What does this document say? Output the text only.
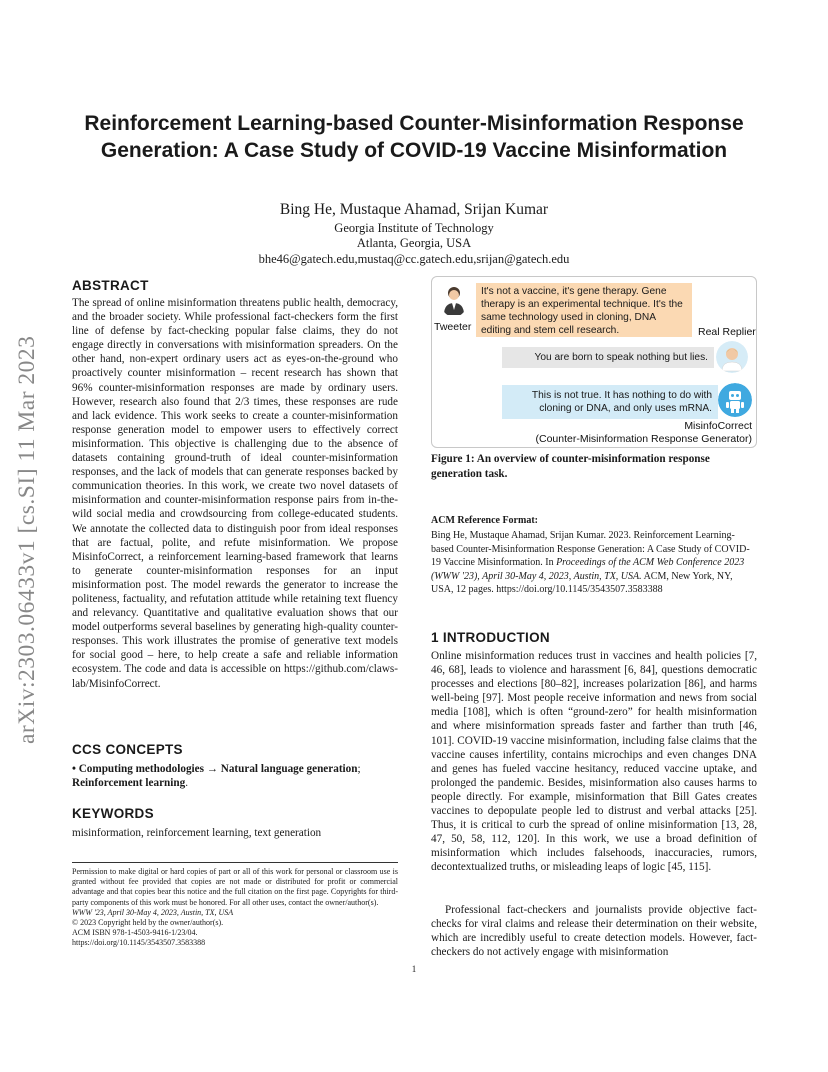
arXiv:2303.06433v1 [cs.SI] 11 Mar 2023
Reinforcement Learning-based Counter-Misinformation Response Generation: A Case Study of COVID-19 Vaccine Misinformation
Bing He, Mustaque Ahamad, Srijan Kumar
Georgia Institute of Technology
Atlanta, Georgia, USA
bhe46@gatech.edu,mustaq@cc.gatech.edu,srijan@gatech.edu
ABSTRACT

The spread of online misinformation threatens public health, democracy, and the broader society. While professional fact-checkers form the first line of defense by fact-checking popular false claims, they do not engage directly in conversations with misinformation spreaders. On the other hand, non-expert ordinary users act as eyes-on-the-ground who proactively counter misinformation – recent research has shown that 96% counter-misinformation responses are made by ordinary users. However, research also found that 2/3 times, these responses are rude and lack evidence. This work seeks to create a counter-misinformation response generation model to empower users to effectively correct misinformation. This objective is challenging due to the absence of datasets containing ground-truth of ideal counter-misinformation responses, and the lack of models that can generate responses backed by communication theories. In this work, we create two novel datasets of misinformation and counter-misinformation response pairs from in-the-wild social media and crowdsourcing from college-educated students. We annotate the collected data to distinguish poor from ideal responses that are factual, polite, and refute misinformation. We propose MisinfoCorrect, a reinforcement learning-based framework that learns to generate counter-misinformation responses for an input misinformation post. The model rewards the generator to increase the politeness, factuality, and refutation attitude while retaining text fluency and relevancy. Quantitative and qualitative evaluation shows that our model outperforms several baselines by generating high-quality counter-responses. This work illustrates the promise of generative text models for social good – here, to help create a safe and reliable information ecosystem. The code and data is accessible on https://github.com/claws-lab/MisinfoCorrect.

CCS CONCEPTS

• Computing methodologies → Natural language generation; Reinforcement learning.

KEYWORDS

misinformation, reinforcement learning, text generation

Permission to make digital or hard copies of part or all of this work for personal or classroom use is granted without fee provided that copies are not made or distributed for profit or commercial advantage and that copies bear this notice and the full citation on the first page. Copyrights for third-party components of this work must be honored. For all other uses, contact the owner/author(s).

WWW '23, April 30-May 4, 2023, Austin, TX, USA

© 2023 Copyright held by the owner/author(s).

ACM ISBN 978-1-4503-9416-1/23/04.

https://doi.org/10.1145/3543507.3583388

Tweeter
It's not a vaccine, it's gene therapy. Gene therapy is an experimental technique. It's the same technology used in cloning, DNA editing and stem cell research.	Real Replier
You are born to speak nothing but lies.
This is not true. It has nothing to do with cloning or DNA, and only uses mRNA.
MisinfoCorrect
(Counter-Misinformation Response Generator)
Figure 1: An overview of counter-misinformation response generation task.
ACM Reference Format:

Bing He, Mustaque Ahamad, Srijan Kumar. 2023. Reinforcement Learning-based Counter-Misinformation Response Generation: A Case Study of COVID-19 Vaccine Misinformation. In Proceedings of the ACM Web Conference 2023 (WWW '23), April 30-May 4, 2023, Austin, TX, USA. ACM, New York, NY, USA, 12 pages. https://doi.org/10.1145/3543507.3583388

1 INTRODUCTION

Online misinformation reduces trust in vaccines and health policies [7, 46, 68], leads to violence and harassment [6, 84], questions democratic processes and elections [80–82], increases polarization [86], and harms well-being [97]. Most people receive information and news from social media [108], which is often “ground-zero” for health misinformation and where misinformation spreads faster and farther than truth [46, 101]. COVID-19 vaccine misinformation, including false claims that the vaccine causes infertility, contains microchips and even changes DNA and genes has fueled vaccine hesitancy, reduced vaccine uptake, and prolonged the pandemic. Besides, misinformation also causes harms to people directly. For example, misinformation that Bill Gates creates vaccines to depopulate people led to distrust and verbal attacks [25]. Thus, it is critical to curb the spread of online misinformation [13, 28, 47, 50, 58, 112, 120]. In this work, we use a broad definition of misinformation which includes falsehoods, inaccuracies, rumors, decontextualized truths, or misleading leaps of logic [45, 115].

Professional fact-checkers and journalists provide objective fact-checks for viral claims and release their determination on their website, which are incredibly useful to create detection models. However, fact-checkers do not actively engage with misinformation

1
